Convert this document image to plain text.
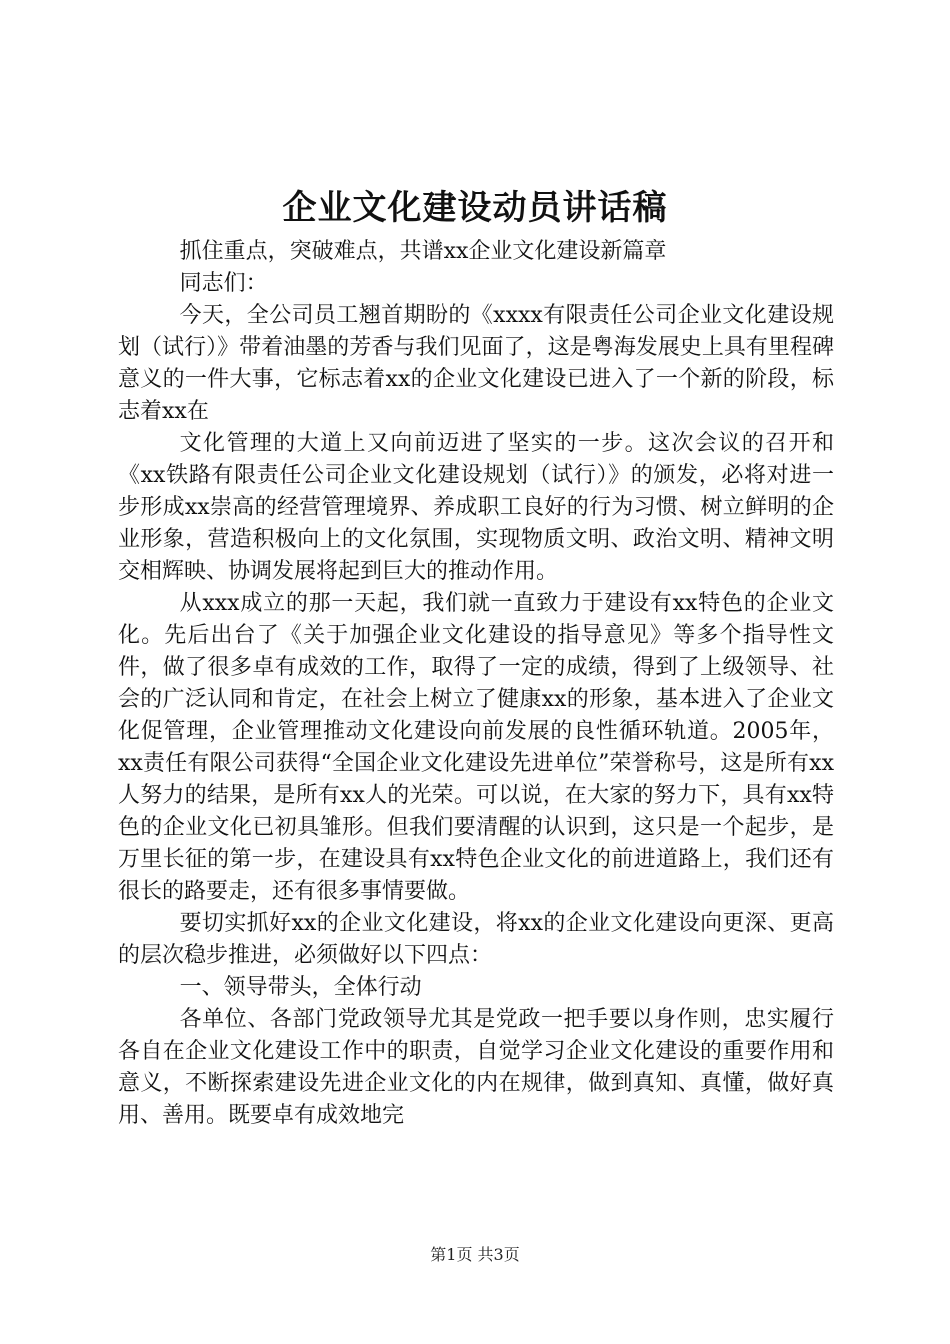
企业文化建设动员讲话稿

抓住重点，突破难点，共谱xx企业文化建设新篇章

同志们：

今天，全公司员工翘首期盼的《xxxx有限责任公司企业文化建设规划（试行）》带着油墨的芳香与我们见面了，这是粤海发展史上具有里程碑意义的一件大事，它标志着xx的企业文化建设已进入了一个新的阶段，标志着xx在

文化管理的大道上又向前迈进了坚实的一步。这次会议的召开和《xx铁路有限责任公司企业文化建设规划（试行）》的颁发，必将对进一步形成xx崇高的经营管理境界、养成职工良好的行为习惯、树立鲜明的企业形象，营造积极向上的文化氛围，实现物质文明、政治文明、精神文明交相辉映、协调发展将起到巨大的推动作用。

从xxx成立的那一天起，我们就一直致力于建设有xx特色的企业文化。先后出台了《关于加强企业文化建设的指导意见》等多个指导性文件，做了很多卓有成效的工作，取得了一定的成绩，得到了上级领导、社会的广泛认同和肯定，在社会上树立了健康xx的形象，基本进入了企业文化促管理，企业管理推动文化建设向前发展的良性循环轨道。2005年，xx责任有限公司获得“全国企业文化建设先进单位”荣誉称号，这是所有xx人努力的结果，是所有xx人的光荣。可以说，在大家的努力下，具有xx特色的企业文化已初具雏形。但我们要清醒的认识到，这只是一个起步，是万里长征的第一步，在建设具有xx特色企业文化的前进道路上，我们还有很长的路要走，还有很多事情要做。

要切实抓好xx的企业文化建设，将xx的企业文化建设向更深、更高的层次稳步推进，必须做好以下四点：

一、领导带头，全体行动

各单位、各部门党政领导尤其是党政一把手要以身作则，忠实履行各自在企业文化建设工作中的职责，自觉学习企业文化建设的重要作用和意义，不断探索建设先进企业文化的内在规律，做到真知、真懂，做好真用、善用。既要卓有成效地完

第1页 共3页
